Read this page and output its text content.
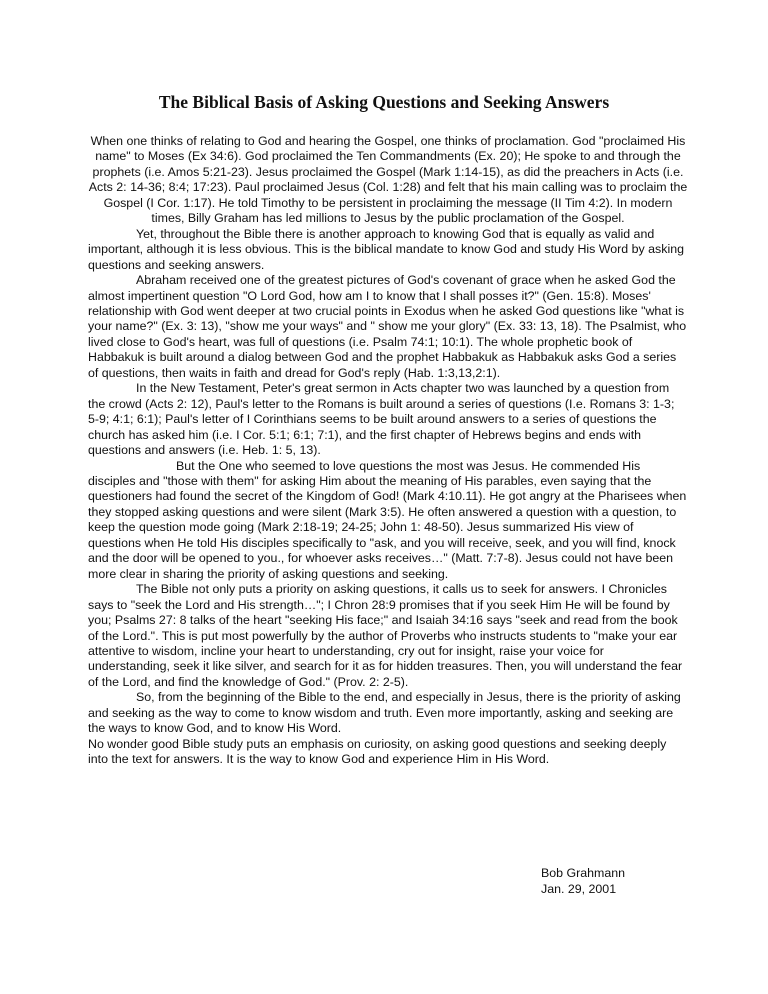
The Biblical Basis of Asking Questions and Seeking Answers

When one thinks of relating to God and hearing the Gospel, one thinks of proclamation. God "proclaimed His name" to Moses (Ex 34:6). God proclaimed the Ten Commandments (Ex. 20); He spoke to and through the prophets (i.e. Amos 5:21-23). Jesus proclaimed the Gospel (Mark 1:14-15), as did the preachers in Acts (i.e. Acts 2: 14-36; 8:4; 17:23). Paul proclaimed Jesus (Col. 1:28) and felt that his main calling was to proclaim the Gospel (I Cor. 1:17). He told Timothy to be persistent in proclaiming the message (II Tim 4:2). In modern times, Billy Graham has led millions to Jesus by the public proclamation of the Gospel.

Yet, throughout the Bible there is another approach to knowing God that is equally as valid and important, although it is less obvious. This is the biblical mandate to know God and study His Word by asking questions and seeking answers.

Abraham received one of the greatest pictures of God's covenant of grace when he asked God the almost impertinent question "O Lord God, how am I to know that I shall posses it?" (Gen. 15:8). Moses' relationship with God went deeper at two crucial points in Exodus when he asked God questions like "what is your name?" (Ex. 3: 13), "show me your ways" and " show me your glory" (Ex. 33: 13, 18). The Psalmist, who lived close to God's heart, was full of questions (i.e. Psalm 74:1; 10:1). The whole prophetic book of Habbakuk is built around a dialog between God and the prophet Habbakuk as Habbakuk asks God a series of questions, then waits in faith and dread for God's reply (Hab. 1:3,13,2:1).

In the New Testament, Peter's great sermon in Acts chapter two was launched by a question from the crowd (Acts 2: 12), Paul's letter to the Romans is built around a series of questions (I.e. Romans 3: 1-3; 5-9; 4:1; 6:1); Paul's letter of I Corinthians seems to be built around answers to a series of questions the church has asked him (i.e. I Cor. 5:1; 6:1; 7:1), and the first chapter of Hebrews begins and ends with questions and answers (i.e. Heb. 1: 5, 13).

But the One who seemed to love questions the most was Jesus. He commended His disciples and "those with them" for asking Him about the meaning of His parables, even saying that the questioners had found the secret of the Kingdom of God! (Mark 4:10.11). He got angry at the Pharisees when they stopped asking questions and were silent (Mark 3:5). He often answered a question with a question, to keep the question mode going (Mark 2:18-19; 24-25; John 1: 48-50). Jesus summarized His view of questions when He told His disciples specifically to "ask, and you will receive, seek, and you will find, knock and the door will be opened to you., for whoever asks receives…" (Matt. 7:7-8). Jesus could not have been more clear in sharing the priority of asking questions and seeking.

The Bible not only puts a priority on asking questions, it calls us to seek for answers. I Chronicles says to "seek the Lord and His strength…"; I Chron 28:9 promises that if you seek Him He will be found by you; Psalms 27: 8 talks of the heart "seeking His face;" and Isaiah 34:16 says "seek and read from the book of the Lord.". This is put most powerfully by the author of Proverbs who instructs students to "make your ear attentive to wisdom, incline your heart to understanding, cry out for insight, raise your voice for understanding, seek it like silver, and search for it as for hidden treasures. Then, you will understand the fear of the Lord, and find the knowledge of God." (Prov. 2: 2-5).

So, from the beginning of the Bible to the end, and especially in Jesus, there is the priority of asking and seeking as the way to come to know wisdom and truth. Even more importantly, asking and seeking are the ways to know God, and to know His Word.

No wonder good Bible study puts an emphasis on curiosity, on asking good questions and seeking deeply into the text for answers. It is the way to know God and experience Him in His Word.

Bob Grahmann
Jan. 29, 2001
